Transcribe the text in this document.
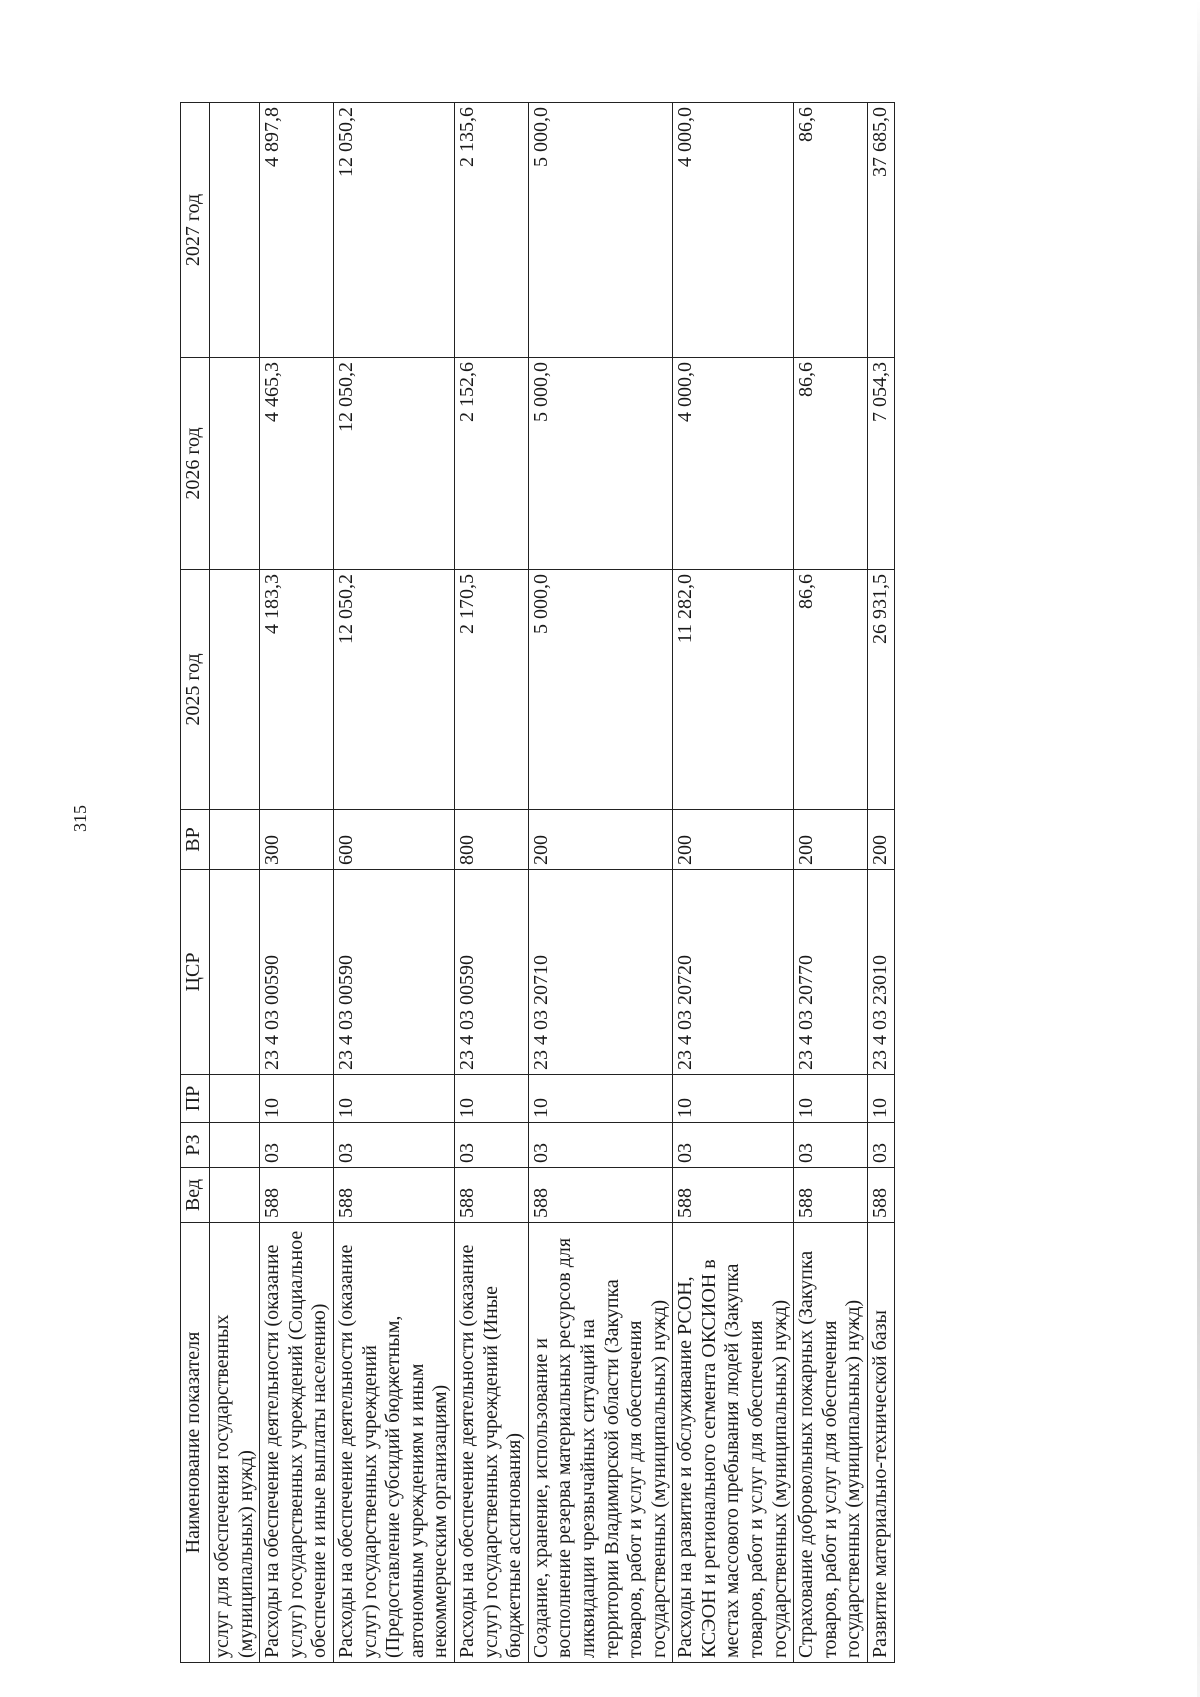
315
Наименование показателя	Вед	РЗ	ПР	ЦСР	ВР	2025 год	2026 год	2027 год
услуг для обеспечения государственных (муниципальных) нужд)								
Расходы на обеспечение деятельности (оказание услуг) государственных учреждений (Социальное обеспечение и иные выплаты населению)	588	03	10	23 4 03 00590	300	4 183,3	4 465,3	4 897,8
Расходы на обеспечение деятельности (оказание услуг) государственных учреждений (Предоставление субсидий бюджетным, автономным учреждениям и иным некоммерческим организациям)	588	03	10	23 4 03 00590	600	12 050,2	12 050,2	12 050,2
Расходы на обеспечение деятельности (оказание услуг) государственных учреждений (Иные бюджетные ассигнования)	588	03	10	23 4 03 00590	800	2 170,5	2 152,6	2 135,6
Создание, хранение, использование и восполнение резерва материальных ресурсов для ликвидации чрезвычайных ситуаций на территории Владимирской области (Закупка товаров, работ и услуг для обеспечения государственных (муниципальных) нужд)	588	03	10	23 4 03 20710	200	5 000,0	5 000,0	5 000,0
Расходы на развитие и обслуживание РСОН, КСЭОН и регионального сегмента ОКСИОН в местах массового пребывания людей (Закупка товаров, работ и услуг для обеспечения государственных (муниципальных) нужд)	588	03	10	23 4 03 20720	200	11 282,0	4 000,0	4 000,0
Страхование добровольных пожарных (Закупка товаров, работ и услуг для обеспечения государственных (муниципальных) нужд)	588	03	10	23 4 03 20770	200	86,6	86,6	86,6
Развитие материально-технической базы	588	03	10	23 4 03 23010	200	26 931,5	7 054,3	37 685,0
